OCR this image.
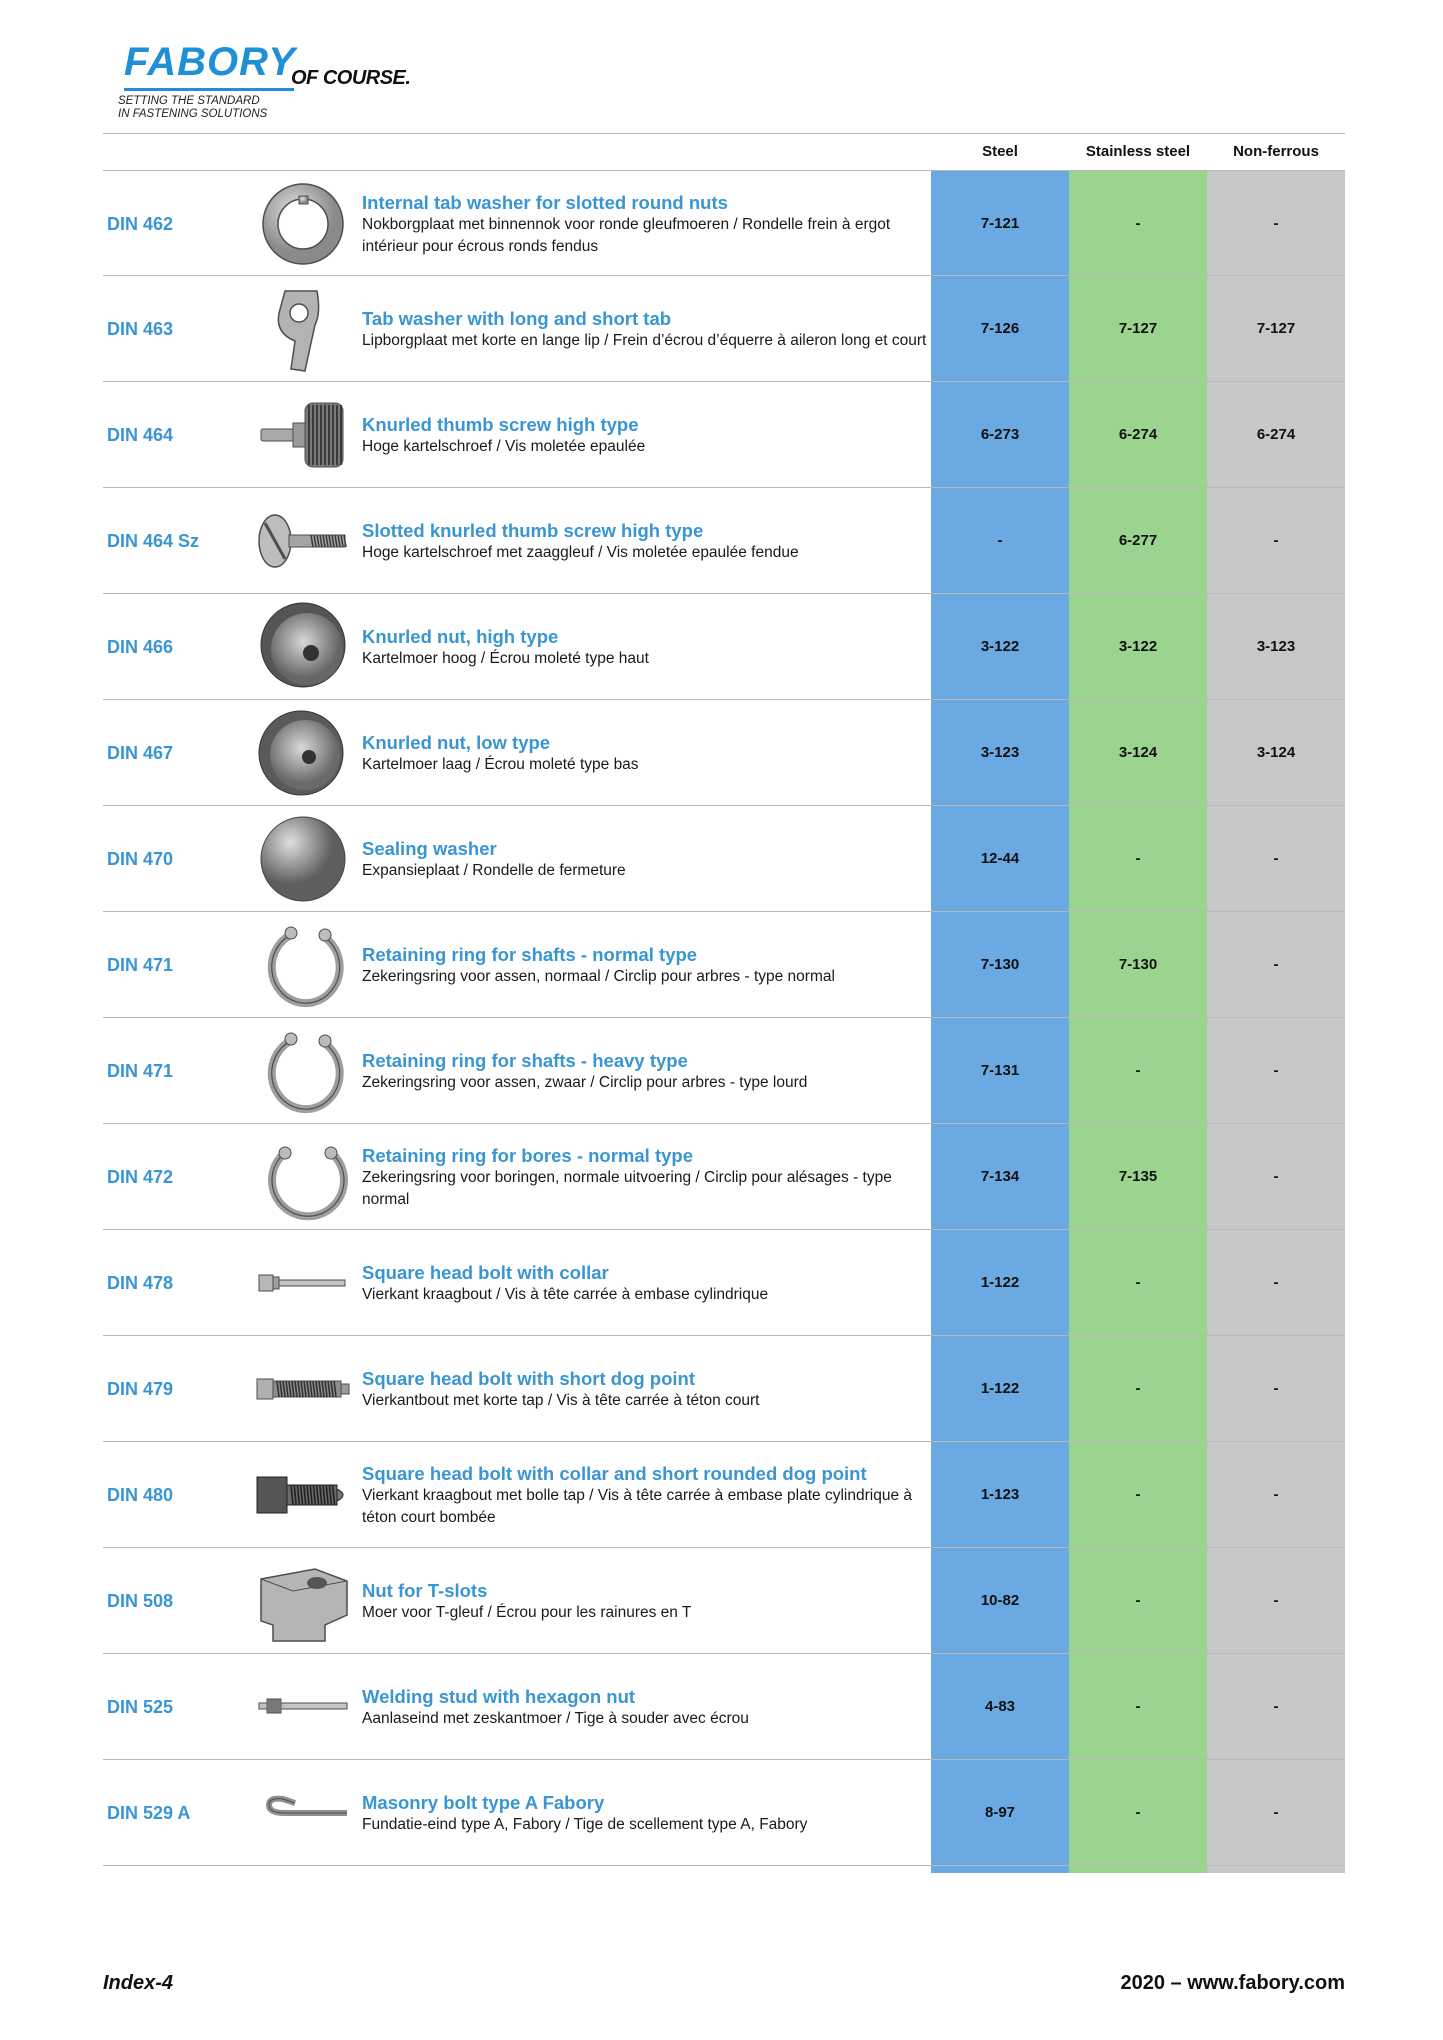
FABORY
OF COURSE.
SETTING THE STANDARD
IN FASTENING SOLUTIONS
Steel	Stainless steel	Non-ferrous
DIN 462
Internal tab washer for slotted round nuts
Nokborgplaat met binnennok voor ronde gleufmoeren / Rondelle frein à ergot intérieur pour écrous ronds fendus
7-121	-	-
DIN 463
Tab washer with long and short tab
Lipborgplaat met korte en lange lip / Frein d’écrou d’équerre à aileron long et court
7-126	7-127	7-127
DIN 464
Knurled thumb screw high type
Hoge kartelschroef / Vis moletée epaulée
6-273	6-274	6-274
DIN 464 Sz
Slotted knurled thumb screw high type
Hoge kartelschroef met zaaggleuf / Vis moletée epaulée fendue
-	6-277	-
DIN 466
Knurled nut, high type
Kartelmoer hoog / Écrou moleté type haut
3-122	3-122	3-123
DIN 467
Knurled nut, low type
Kartelmoer laag / Écrou moleté type bas
3-123	3-124	3-124
DIN 470
Sealing washer
Expansieplaat / Rondelle de fermeture
12-44	-	-
DIN 471
Retaining ring for shafts - normal type
Zekeringsring voor assen, normaal / Circlip pour arbres - type normal
7-130	7-130	-
DIN 471
Retaining ring for shafts - heavy type
Zekeringsring voor assen, zwaar / Circlip pour arbres - type lourd
7-131	-	-
DIN 472
Retaining ring for bores - normal type
Zekeringsring voor boringen, normale uitvoering / Circlip pour alésages - type normal
7-134	7-135	-
DIN 478
Square head bolt with collar
Vierkant kraagbout / Vis à tête carrée à embase cylindrique
1-122	-	-
DIN 479
Square head bolt with short dog point
Vierkantbout met korte tap / Vis à tête carrée à téton court
1-122	-	-
DIN 480
Square head bolt with collar and short rounded dog point
Vierkant kraagbout met bolle tap / Vis à tête carrée à embase plate cylindrique à téton court bombée
1-123	-	-
DIN 508
Nut for T-slots
Moer voor T-gleuf / Écrou pour les rainures en T
10-82	-	-
DIN 525
Welding stud with hexagon nut
Aanlaseind met zeskantmoer / Tige à souder avec écrou
4-83	-	-
DIN 529 A
Masonry bolt type A Fabory
Fundatie-eind type A, Fabory / Tige de scellement type A, Fabory
8-97	-	-
Index-4	2020 – www.fabory.com
